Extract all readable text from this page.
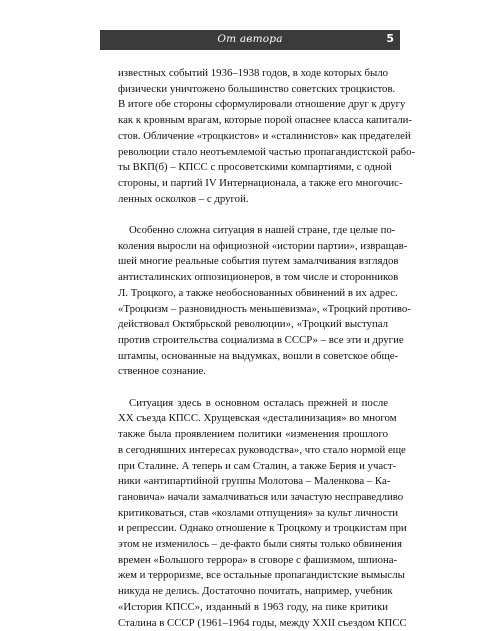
От автора	5
известных событий 1936–1938 годов, в ходе которых было
физически уничтожено большинство советских троцкистов.
В итоге обе стороны сформулировали отношение друг к другу
как к кровным врагам, которые порой опаснее класса капитали-
стов. Обличение «троцкистов» и «сталинистов» как предателей
революции стало неотъемлемой частью пропагандистской рабо-
ты ВКП(б) – КПСС с просоветскими компартиями, с одной
стороны, и партий IV Интернационала, а также его многочис-
ленных осколков – с другой.
Особенно сложна ситуация в нашей стране, где целые по-
коления выросли на официозной «истории партии», извращав-
шей многие реальные события путем замалчивания взглядов
антисталинских оппозиционеров, в том числе и сторонников
Л. Троцкого, а также необоснованных обвинений в их адрес.
«Троцкизм – разновидность меньшевизма», «Троцкий противо-
действовал Октябрьской революции», «Троцкий выступал
против строительства социализма в СССР» – все эти и другие
штампы, основанные на выдумках, вошли в советское обще-
ственное сознание.
Ситуация здесь в основном осталась прежней и после
XX съезда КПСС. Хрущевская «десталинизация» во многом
также была проявлением политики «изменения прошлого
в сегодняшних интересах руководства», что стало нормой еще
при Сталине. А теперь и сам Сталин, а также Берия и участ-
ники «антипартийной группы Молотова – Маленкова – Ка-
гановича» начали замалчиваться или зачастую несправедливо
критиковаться, став «козлами отпущения» за культ личности
и репрессии. Однако отношение к Троцкому и троцкистам при
этом не изменилось – де-факто были сняты только обвинения
времен «Большого террора» в сговоре с фашизмом, шпиона-
жем и терроризме, все остальные пропагандистские вымыслы
никуда не делись. Достаточно почитать, например, учебник
«История КПСС», изданный в 1963 году, на пике критики
Сталина в СССР (1961–1964 годы, между XXII съездом КПСС
